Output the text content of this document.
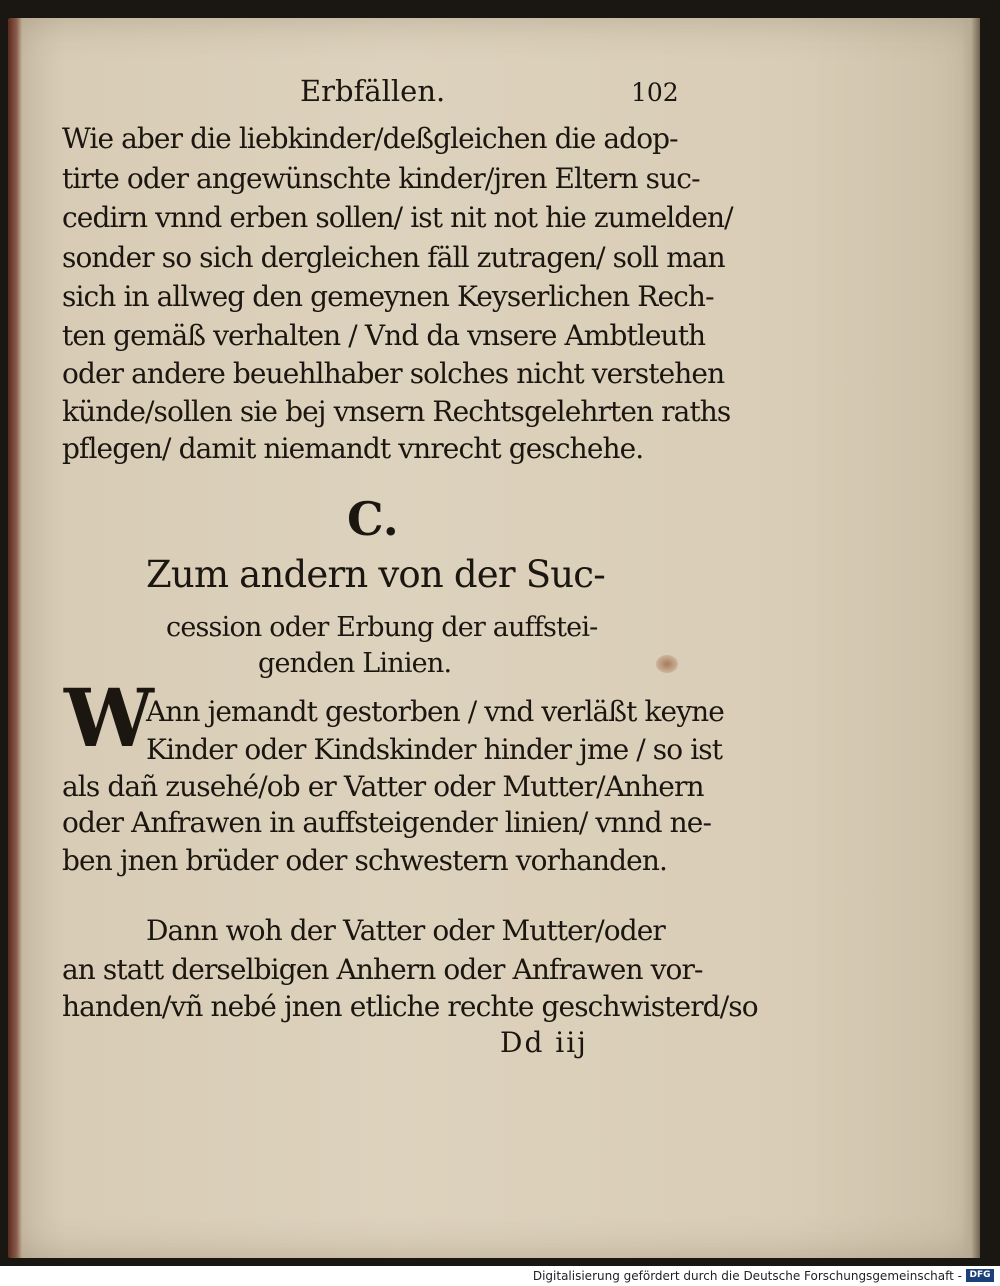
Erbfällen.	102
Wie aber die liebkinder/deßgleichen die adop-
tirte oder angewünschte kinder/jren Eltern suc-
cedirn vnnd erben sollen/ ist nit not hie zumelden/
sonder so sich dergleichen fäll zutragen/ soll man
sich in allweg den gemeynen Keyserlichen Rech-
ten gemäß verhalten / Vnd da vnsere Ambtleuth
oder andere beuehlhaber solches nicht verstehen
künde/sollen sie bej vnsern Rechtsgelehrten raths
pflegen/ damit niemandt vnrecht geschehe.
C.
Zum andern von der Suc-
cession oder Erbung der auffstei-
genden Linien.
W
Ann jemandt gestorben / vnd verläßt keyne
Kinder oder Kindskinder hinder jme / so ist
als dañ zusehé/ob er Vatter oder Mutter/Anhern
oder Anfrawen in auffsteigender linien/ vnnd ne-
ben jnen brüder oder schwestern vorhanden.
Dann woh der Vatter oder Mutter/oder
an statt derselbigen Anhern oder Anfrawen vor-
handen/vñ nebé jnen etliche rechte geschwisterd/so
Dd iij
Digitalisierung gefördert durch die Deutsche Forschungsgemeinschaft - DFG
